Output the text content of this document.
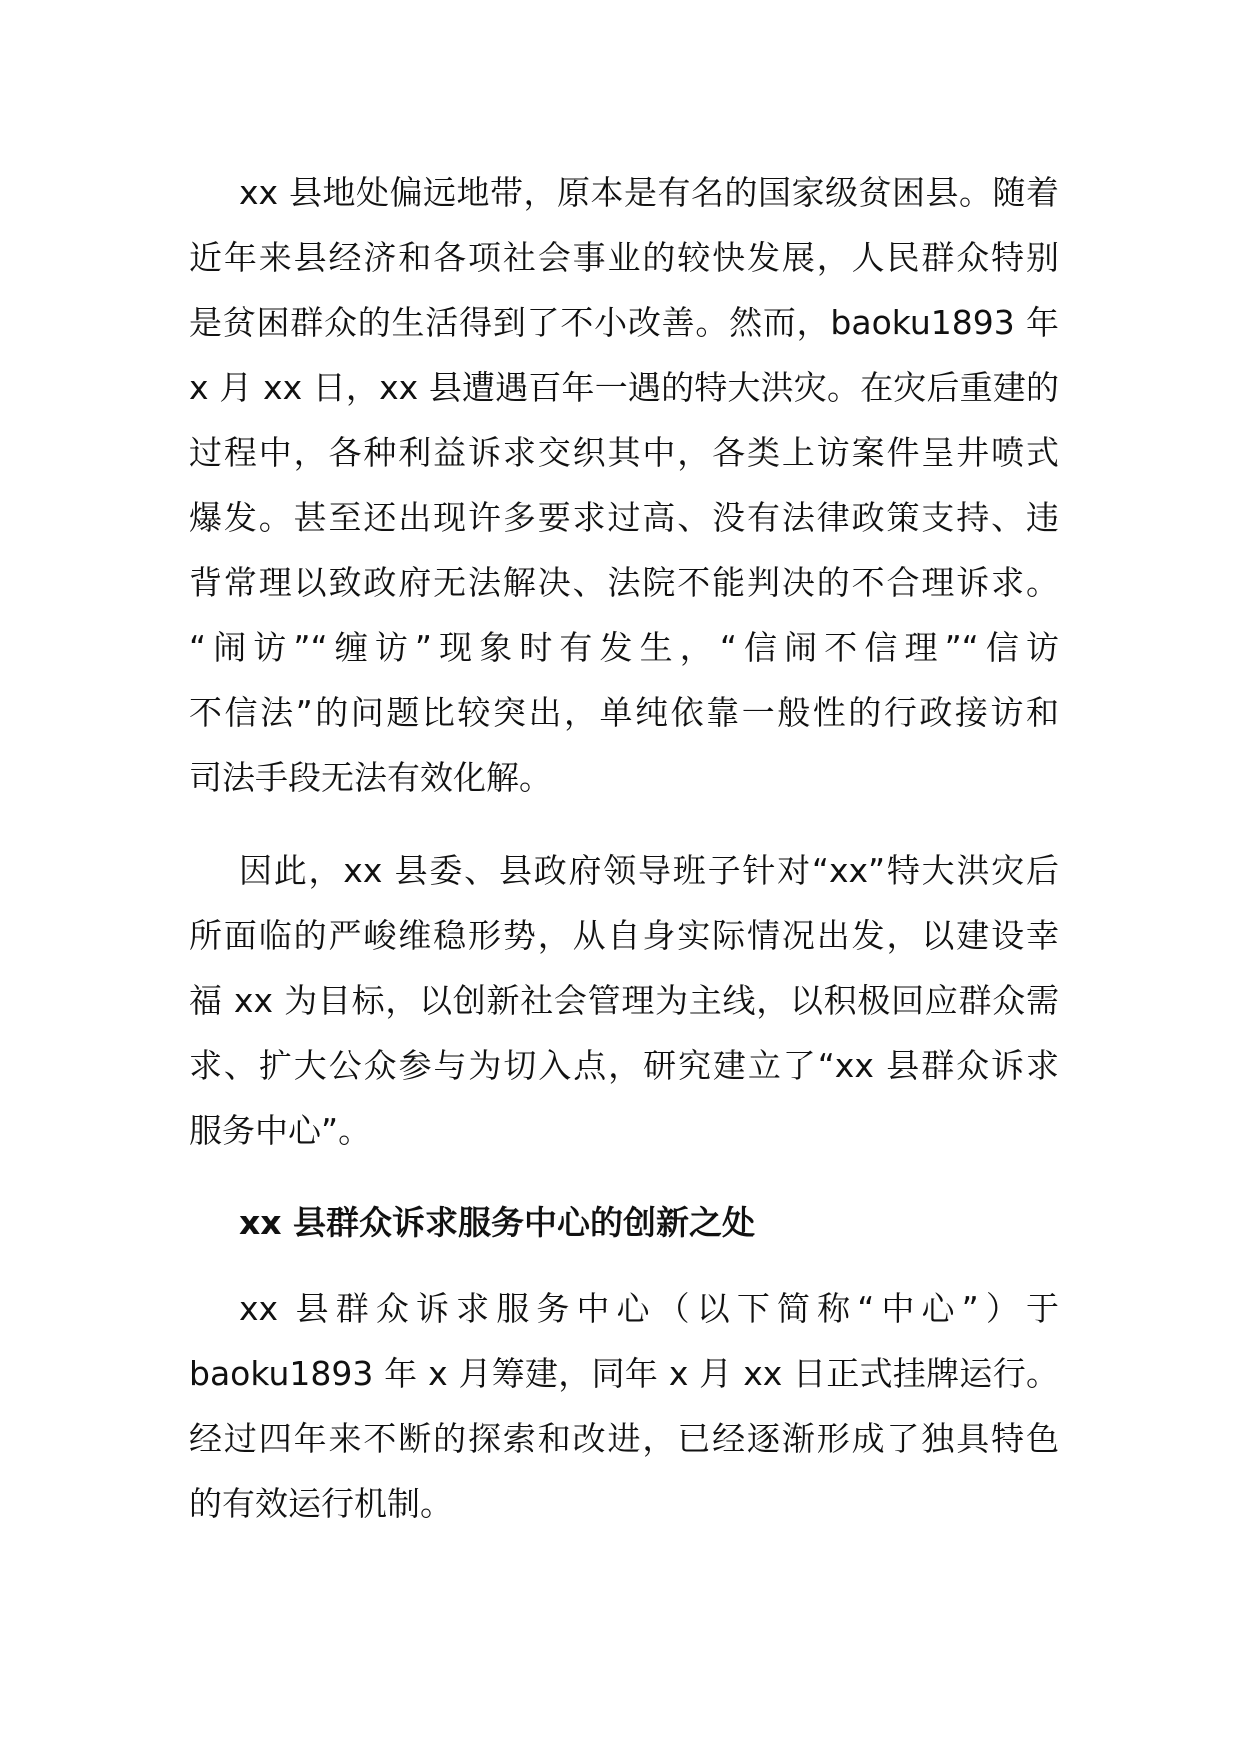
xx 县地处偏远地带，原本是有名的国家级贫困县。随着
近年来县经济和各项社会事业的较快发展，人民群众特别
是贫困群众的生活得到了不小改善。然而，baoku1893 年
x 月 xx 日，xx 县遭遇百年一遇的特大洪灾。在灾后重建的
过程中，各种利益诉求交织其中，各类上访案件呈井喷式
爆发。甚至还出现许多要求过高、没有法律政策支持、违
背常理以致政府无法解决、法院不能判决的不合理诉求。
“闹访”“缠访”现象时有发生，“信闹不信理”“信访
不信法”的问题比较突出，单纯依靠一般性的行政接访和
司法手段无法有效化解。
因此，xx 县委、县政府领导班子针对“xx”特大洪灾后
所面临的严峻维稳形势，从自身实际情况出发，以建设幸
福 xx 为目标，以创新社会管理为主线，以积极回应群众需
求、扩大公众参与为切入点，研究建立了“xx 县群众诉求
服务中心”。
xx 县群众诉求服务中心的创新之处
xx 县群众诉求服务中心（以下简称“中心”）于
baoku1893 年 x 月筹建，同年 x 月 xx 日正式挂牌运行。
经过四年来不断的探索和改进，已经逐渐形成了独具特色
的有效运行机制。
